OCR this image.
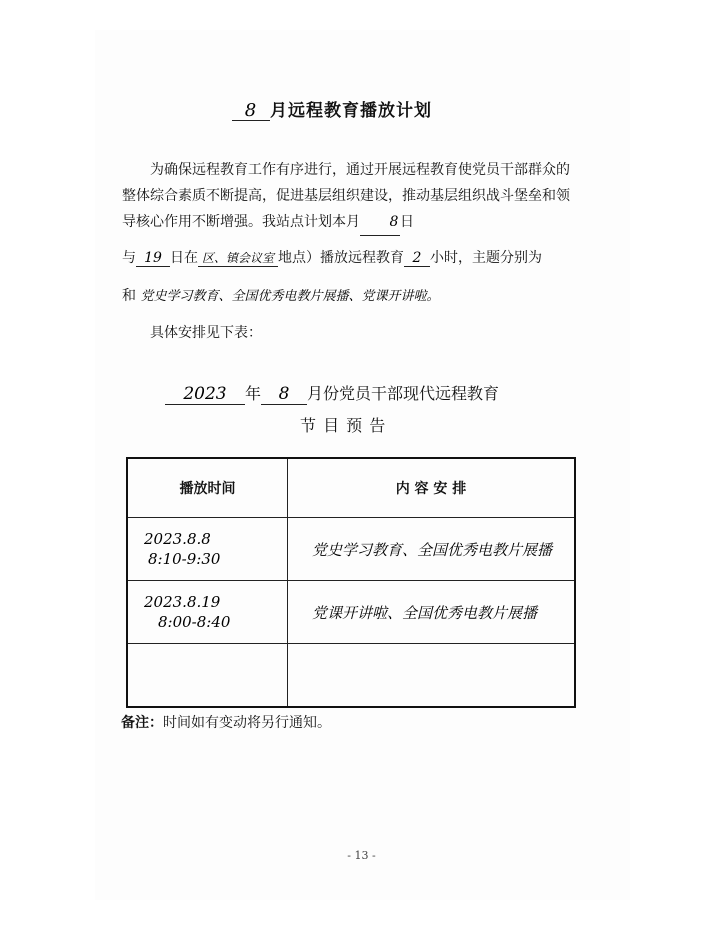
8 月远程教育播放计划
为确保远程教育工作有序进行，通过开展远程教育使党员干部群众的整体综合素质不断提高，促进基层组织建设，推动基层组织战斗堡垒和领导核心作用不断增强。我站点计划本月 8 日
与 19 日在 区、镇会议室 地点）播放远程教育 2 小时，主题分别为
和 党史学习教育、全国优秀电教片展播、党课开讲啦。
具体安排见下表：
2023 年 8 月份党员干部现代远程教育
节 目 预 告
播放时间	内 容 安 排

2023.8.8
8:10-9:30	党史学习教育、全国优秀电教片展播

2023.8.19
8:00-8:40	党课开讲啦、全国优秀电教片展播

备注：时间如有变动将另行通知。
- 13 -
